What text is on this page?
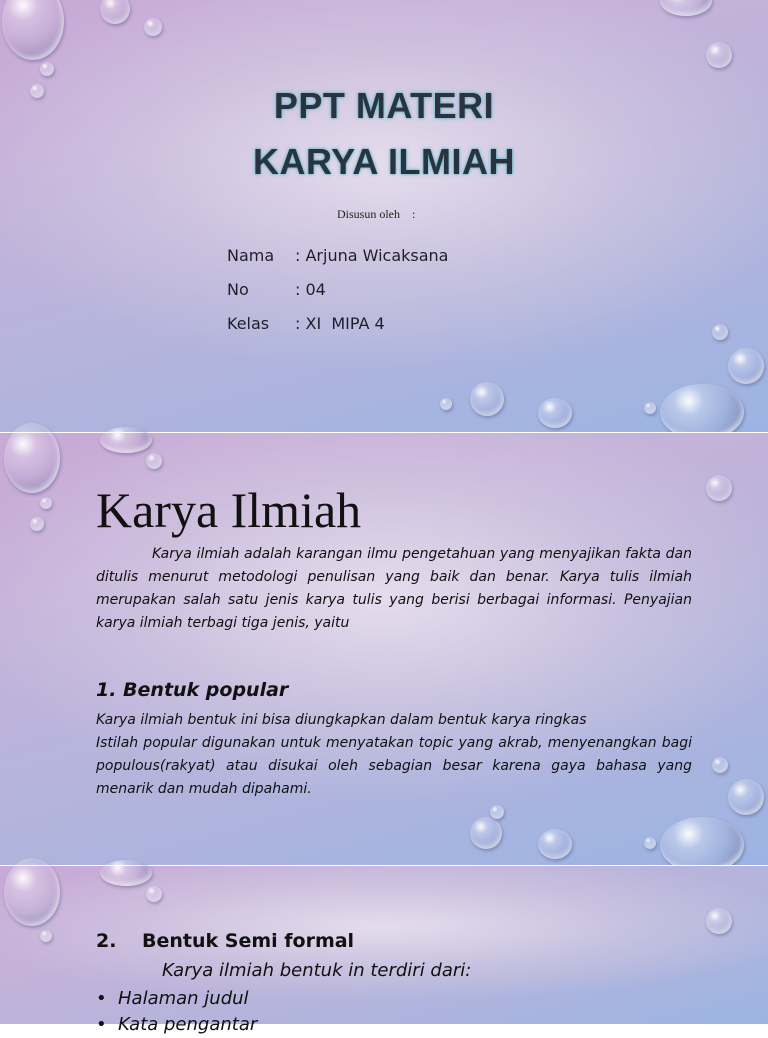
PPT MATERI
KARYA ILMIAH
Disusun oleh    :
Nama	: Arjuna Wicaksana
No	: 04
Kelas	: XI  MIPA 4
Karya Ilmiah
Karya ilmiah adalah karangan ilmu pengetahuan yang menyajikan fakta dan ditulis menurut metodologi penulisan yang baik dan benar. Karya tulis ilmiah merupakan salah satu jenis karya tulis yang berisi berbagai informasi. Penyajian karya ilmiah terbagi tiga jenis, yaitu
1. Bentuk popular

Karya ilmiah bentuk ini bisa diungkapkan dalam bentuk karya ringkas

Istilah popular digunakan untuk menyatakan topic yang akrab, menyenangkan bagi populous(rakyat) atau disukai oleh sebagian besar karena gaya bahasa yang menarik dan mudah dipahami.

2. Bentuk Semi formal
Karya ilmiah bentuk in terdiri dari:
• Halaman judul
• Kata pengantar
